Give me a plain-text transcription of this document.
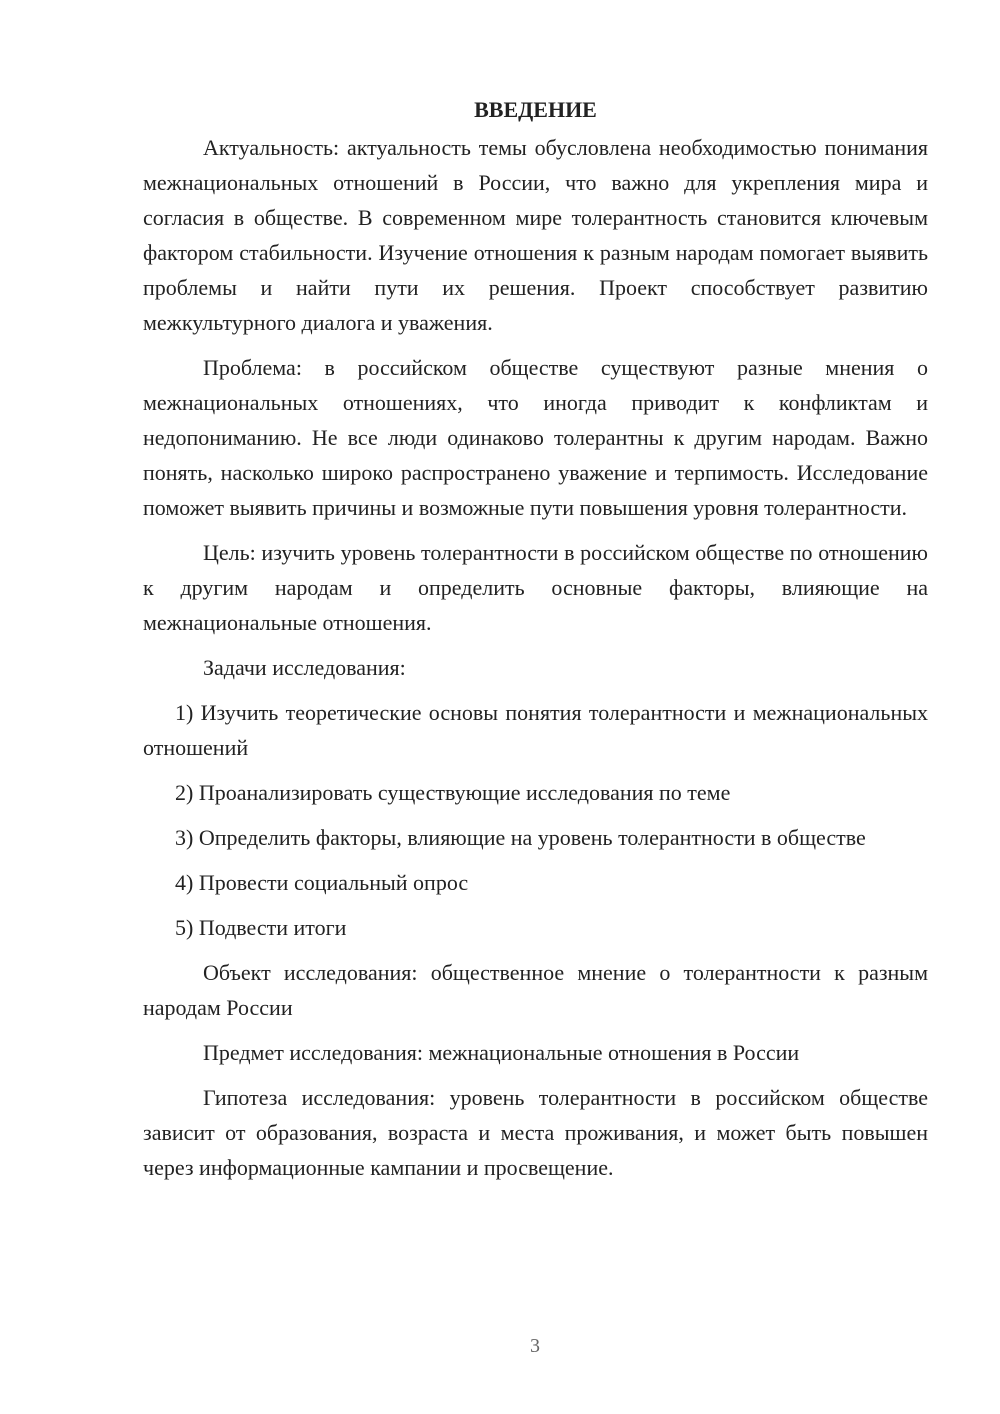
ВВЕДЕНИЕ

Актуальность: актуальность темы обусловлена необходимостью понимания межнациональных отношений в России, что важно для укрепления мира и согласия в обществе. В современном мире толерантность становится ключевым фактором стабильности. Изучение отношения к разным народам помогает выявить проблемы и найти пути их решения. Проект способствует развитию межкультурного диалога и уважения.

Проблема: в российском обществе существуют разные мнения о межнациональных отношениях, что иногда приводит к конфликтам и недопониманию. Не все люди одинаково толерантны к другим народам. Важно понять, насколько широко распространено уважение и терпимость. Исследование поможет выявить причины и возможные пути повышения уровня толерантности.

Цель: изучить уровень толерантности в российском обществе по отношению к другим народам и определить основные факторы, влияющие на межнациональные отношения.

Задачи исследования:

1) Изучить теоретические основы понятия толерантности и межнациональных отношений

2) Проанализировать существующие исследования по теме

3) Определить факторы, влияющие на уровень толерантности в обществе

4) Провести социальный опрос

5) Подвести итоги

Объект исследования: общественное мнение о толерантности к разным народам России

Предмет исследования: межнациональные отношения в России

Гипотеза исследования: уровень толерантности в российском обществе зависит от образования, возраста и места проживания, и может быть повышен через информационные кампании и просвещение.

3
